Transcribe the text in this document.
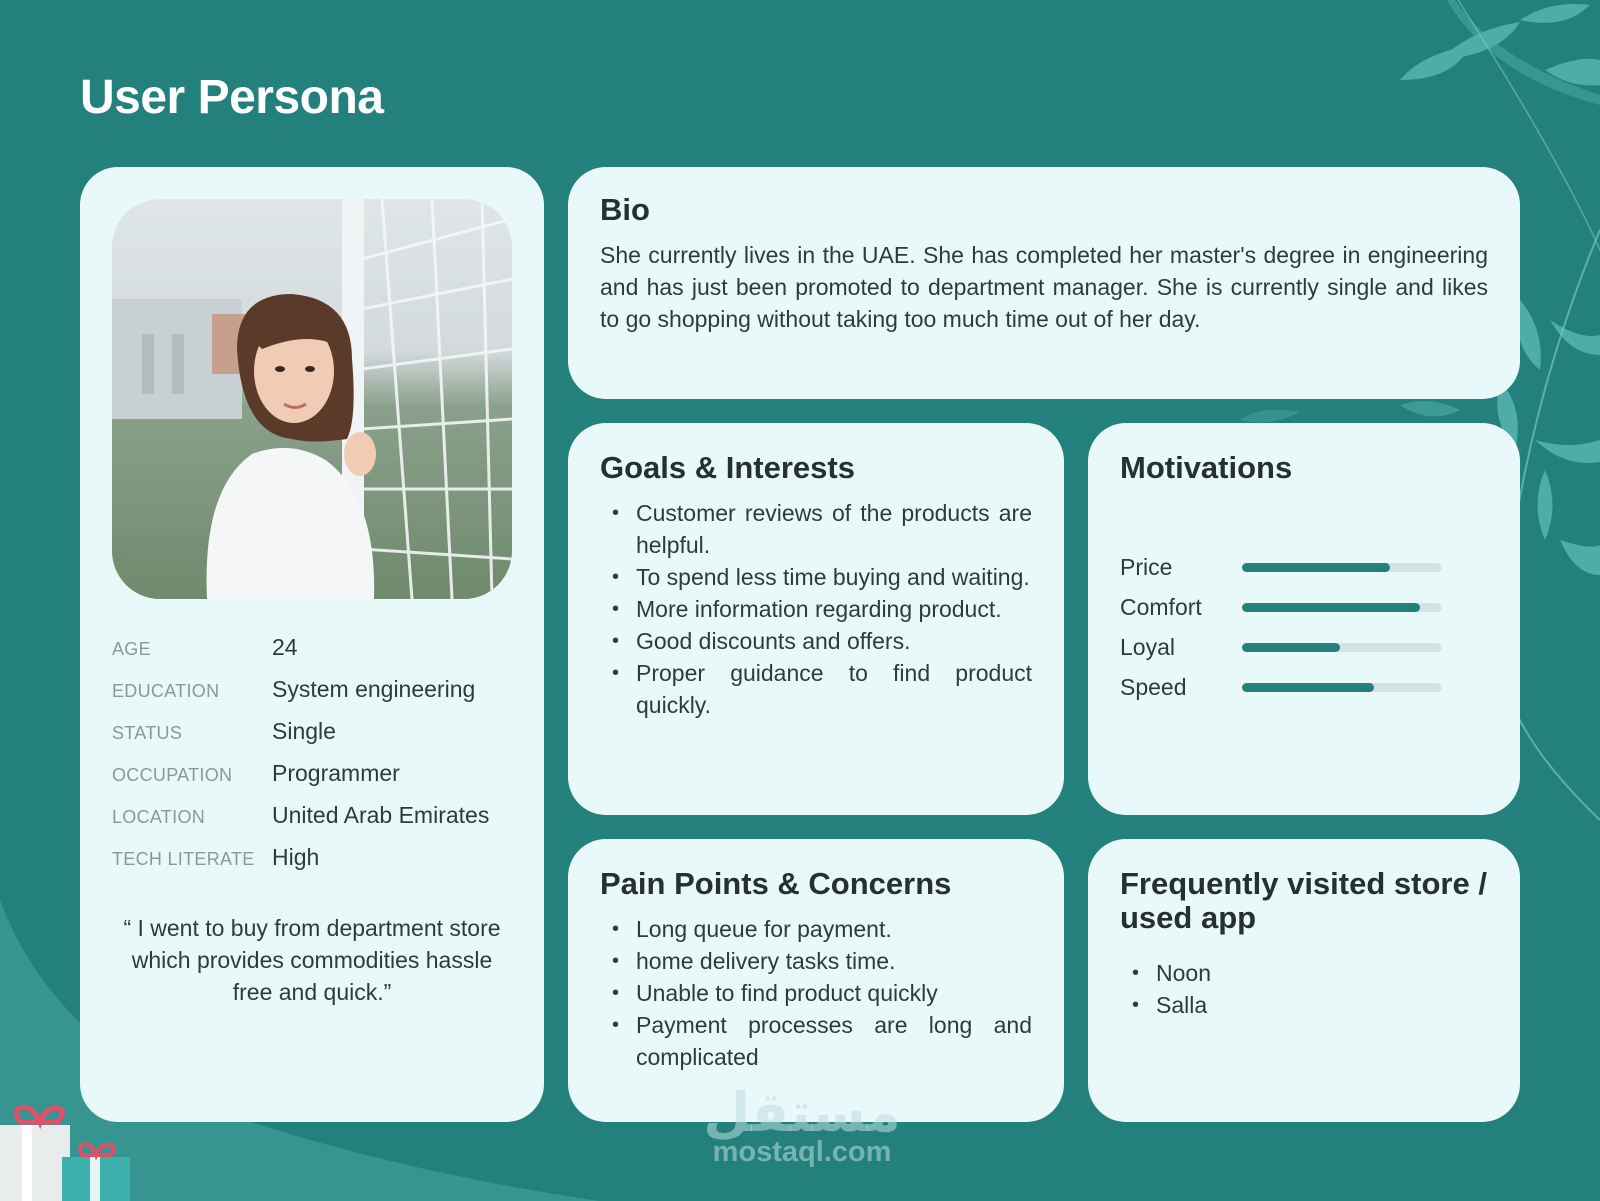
User Persona
AGE	24
EDUCATION	System engineering
STATUS	Single
OCCUPATION	Programmer
LOCATION	United Arab Emirates
TECH LITERATE High

“ I went to buy from department store which provides commodities hassle free and quick.”

Bio

She currently lives in the UAE. She has completed her master's degree in engineering and has just been promoted to department manager. She is currently single and likes to go shopping without taking too much time out of her day.

Goals & Interests
• Customer reviews of the products are helpful.
• To spend less time buying and waiting.
• More information regarding product.
• Good discounts and offers.
• Proper guidance to find product quickly.
Motivations
Price
Comfort
Loyal
Speed
Pain Points & Concerns
• Long queue for payment.
• home delivery tasks time.
• Unable to find product quickly
• Payment processes are long and complicated
Frequently visited store / used app
• Noon
• Salla
مستقل
mostaql.com
